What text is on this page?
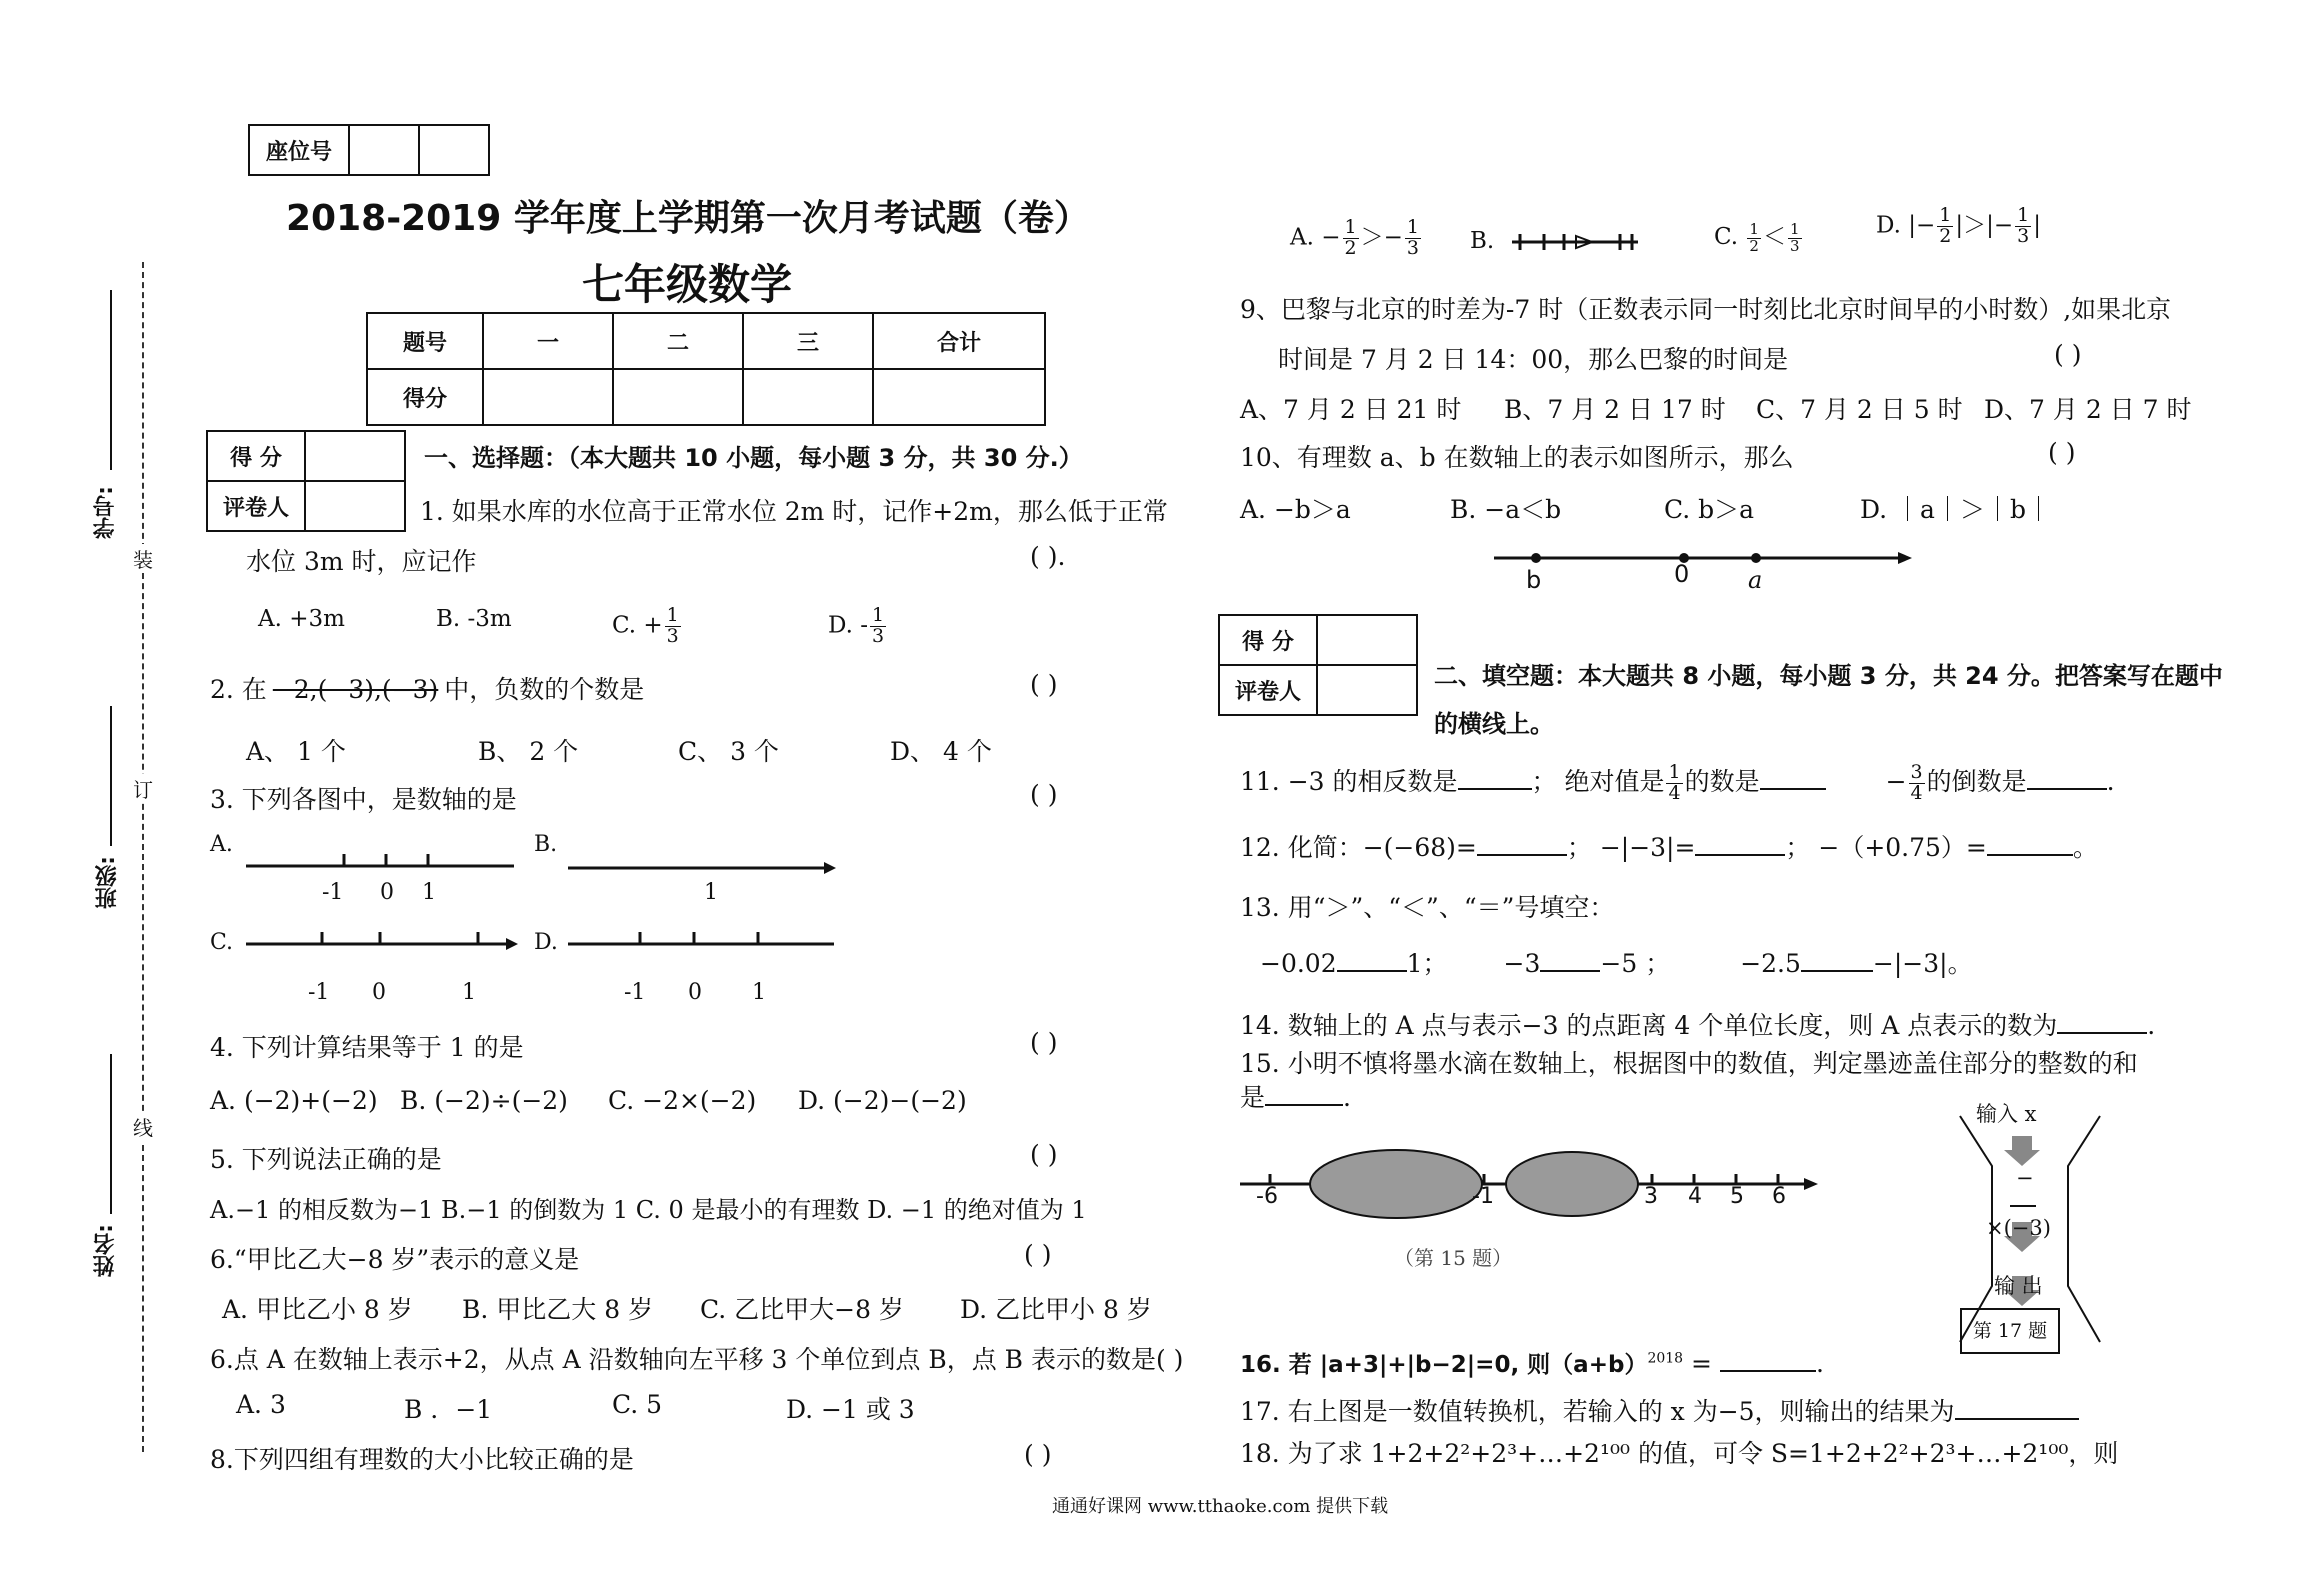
座位号		
2018-2019 学年度上学期第一次月考试题（卷）
七年级数学
题号	一	二	三	合计
得分				
学号:
班级:
姓名:
装
订
线
得 分	
评卷人	
一、选择题：（本大题共 10 小题，每小题 3 分，共 30 分.）
1. 如果水库的水位高于正常水位 2m 时，记作+2m，那么低于正常
水位 3m 时，应记作	( ).
A. +3m	B. -3m	C. + $\frac{1}{3}$	D. - $\frac{1}{3}$
2. 在 −2,(−3),(−3) 中，负数的个数是	( )
A、 1 个	B、 2 个	C、 3 个	D、 4 个
3. 下列各图中，是数轴的是	( )
A.
-1 0 1
B.
1
C.
-1 0	1
D.
-1 0 1
4. 下列计算结果等于 1 的是	( )
A. (−2)+(−2) B. (−2)÷(−2) C. −2×(−2) D. (−2)−(−2)
5. 下列说法正确的是	( )
A.−1 的相反数为−1 B.−1 的倒数为 1 C. 0 是最小的有理数 D. −1 的绝对值为 1
6.“甲比乙大−8 岁”表示的意义是	( )
A. 甲比乙小 8 岁 B. 甲比乙大 8 岁 C. 乙比甲大−8 岁 D. 乙比甲小 8 岁
6.点 A 在数轴上表示+2，从点 A 沿数轴向左平移 3 个单位到点 B，点 B 表示的数是( )
A. 3	B ．−1	C. 5	D. −1 或 3
8.下列四组有理数的大小比较正确的是	( )
A. − $\frac{1}{2} >- \frac{1}{3} B$.	C. $\frac{1}{2} < \frac{1}{3}$	D. |− $\frac{1}{2}$ |＞|− $\frac{1}{3}$ |
9、巴黎与北京的时差为-7 时（正数表示同一时刻比北京时间早的小时数）,如果北京
时间是 7 月 2 日 14：00，那么巴黎的时间是	( )
A、7 月 2 日 21 时 B、7 月 2 日 17 时 C、7 月 2 日 5 时 D、7 月 2 日 7 时
10、有理数 a、b 在数轴上的表示如图所示，那么	( )
A. −b＞a	B. −a＜b	C. b＞a	D. ｜a｜＞｜b｜
b	0 a
得 分	
评卷人	
二、填空题：本大题共 8 小题，每小题 3 分，共 24 分。把答案写在题中
的横线上。
11. −3 的相反数是	； 绝对值是 $\frac{1}{4}$ 的数是	− $\frac{3}{4}$ 的倒数是	.
12. 化简：−(−68)=	； −|−3|=	； −（+0.75）=	。
13. 用“＞”、“＜”、“＝”号填空：
−0.02	1； −3 −5 ；	−2.5	−|−3|。
14. 数轴上的 A 点与表示−3 的点距离 4 个单位长度，则 A 点表示的数为	.
15. 小明不慎将墨水滴在数轴上，根据图中的数值，判定墨迹盖住部分的整数的和
是	.
-6	-1	3 4 5 6
（第 15 题）
输入 x
−
×(−3)
输 出
第 17 题
16. 若 |a+3|+|b−2|=0, 则$(a+b)^{2018}$ =	.
17. 右上图是一数值转换机，若输入的 x 为−5，则输出的结果为
18. 为了求 1+2+2²+2³+…+2¹⁰⁰ 的值，可令 S=1+2+2²+2³+…+2¹⁰⁰，则
通通好课网 www.tthaoke.com 提供下载
